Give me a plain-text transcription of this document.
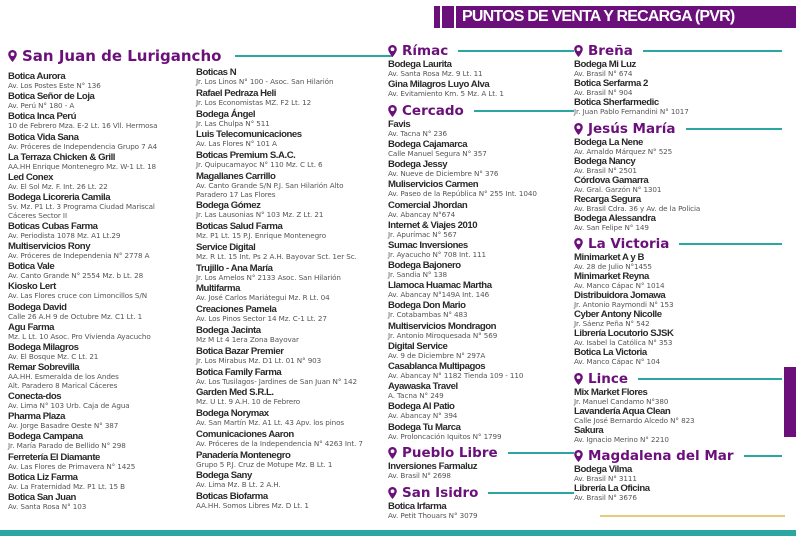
PUNTOS DE VENTA Y RECARGA (PVR)
San Juan de Lurigancho
Botica Aurora
Av. Los Postes Este N° 136
Botica Señor de Loja
Av. Perú N° 180 - A
Botica Inca Perú
10 de Febrero Mza. E-2 Lt. 16 Vll. Hermosa
Botica Vida Sana
Av. Próceres de Independencia Grupo 7 A4
La Terraza Chicken & Grill
AA.HH Enrique Montenegro Mz. W-1 Lt. 18
Led Conex
Av. El Sol Mz. F. Int. 26 Lt. 22
Bodega Licoreria Camila
Sv. Mz. P1 Lt. 3 Programa Ciudad Mariscal
Cáceres Sector II
Boticas Cubas Farma
Av. Periodista 1078 Mz. A1 Lt.29
Multiservicios Rony
Av. Próceres de Independenia N° 2778 A
Botica Vale
Av. Canto Grande N° 2554 Mz. b Lt. 28
Kiosko Lert
Av. Las Flores cruce con Limoncillos S/N
Bodega David
Calle 26 A.H 9 de Octubre Mz. C1 Lt. 1
Agu Farma
Mz. L Lt. 10 Asoc. Pro Vivienda Ayacucho
Bodega Milagros
Av. El Bosque Mz. C Lt. 21
Remar Sobrevilla
AA.HH. Esmeralda de los Andes
Alt. Paradero 8 Marical Cáceres
Conecta-dos
Av. Lima N° 103 Urb. Caja de Agua
Pharma Plaza
Av. Jorge Basadre Oeste N° 387
Bodega Campana
Jr. María Parado de Bellido N° 298
Ferretería El Diamante
Av. Las Flores de Primavera N° 1425
Botica Liz Farma
Av. La Fraternidad Mz. P1 Lt. 15 B
Botica San Juan
Av. Santa Rosa N° 103
Boticas N
Jr. Los Linos N° 100 - Asoc. San Hilarión
Rafael Pedraza Heli
Jr. Los Economistas MZ. F2 Lt. 12
Bodega Ángel
Jr. Las Chulpa N° 511
Luis Telecomunicaciones
Av. Las Flores N° 101 A
Boticas Premium S.A.C.
Jr. Quipucamayoc N° 110 Mz. C Lt. 6
Magallanes Carrillo
Av. Canto Grande S/N P.J. San Hilarión Alto
Paradero 17 Las Flores
Bodega Gómez
Jr. Las Lausonias N° 103 Mz. Z Lt. 21
Boticas Salud Farma
Mz. P1 Lt. 15 P.J. Enrique Montenegro
Service Digital
Mz. R Lt. 15 Int. Ps 2 A.H. Bayovar Sct. 1er Sc.
Trujillo - Ana María
Jr. Los Amelos N° 2133 Asoc. San Hilarión
Multifarma
Av. José Carlos Mariátegui Mz. R Lt. 04
Creaciones Pamela
Av. Los Pinos Sector 14 Mz. C-1 Lt. 27
Bodega Jacinta
Mz M Lt 4 1era Zona Bayovar
Botica Bazar Premier
Jr. Los Mirabus Mz. D1 Lt. 01 N° 903
Botica Family Farma
Av. Los Tusilagos- Jardines de San Juan N° 142
Garden Med S.R.L.
Mz. U Lt. 9 A.H. 10 de Febrero
Bodega Norymax
Av. San Martín Mz. A1 Lt. 43 Apv. los pinos
Comunicaciones Aaron
Av. Próceres de la Independencia N° 4263 Int. 7
Panadería Montenegro
Grupo 5 P.J. Cruz de Motupe Mz. B Lt. 1
Bodega Sany
Av. Lima Mz. B Lt. 2 A.H.
Boticas Biofarma
AA.HH. Somos Libres Mz. D Lt. 1
Rímac
Bodega Laurita
Av. Santa Rosa Mz. 9 Lt. 11
Gina Milagros Luyo Alva
Av. Evitamiento Km. 5 Mz. A Lt. 1
Cercado
Favis
Av. Tacna N° 236
Bodega Cajamarca
Calle Manuel Segura N° 357
Bodega Jessy
Av. Nueve de Diciembre N° 376
Muliservicios Carmen
Av. Paseo de la República N° 255 Int. 1040
Comercial Jhordan
Av. Abancay N°674
Internet & Viajes 2010
Jr. Apurímac N° 567
Sumac Inversiones
Jr. Ayacucho N° 708 Int. 111
Bodega Bajonero
Jr. Sandia N° 138
Llamoca Huamac Martha
Av. Abancay N°149A Int. 146
Bodega Don Mario
Jr. Cotabambas N° 483
Multiservicios Mondragon
Jr. Antonio Miroquesada N° 569
Digital Service
Av. 9 de Diciembre N° 297A
Casablanca Multipagos
Av. Abancay N° 1182 Tienda 109 - 110
Ayawaska Travel
A. Tacna N° 249
Bodega Al Patio
Av. Abancay N° 394
Bodega Tu Marca
Av. Proloncación Iquitos N° 1799
Pueblo Libre
Inversiones Farmaluz
Av. Brasil N° 2698
San Isidro
Botica Irfarma
Av. Petit Thouars N° 3079
Breña
Bodega Mi Luz
Av. Brasil N° 674
Botica Serfarma 2
Av. Brasil N° 904
Botica Sherfarmedic
Jr. Juan Pablo Fernandini N° 1017
Jesús María
Bodega La Nene
Av. Arnaldo Márquez N° 525
Bodega Nancy
Av. Brasil N° 2501
Córdova Gamarra
Av. Gral. Garzón N° 1301
Recarga Segura
Av. Brasil Cdra. 36 y Av. de la Policia
Bodega Alessandra
Av. San Felipe N° 149
La Victoria
Minimarket A y B
Av. 28 de Julio N°1455
Minimarket Reyna
Av. Manco Cápac N° 1014
Distribuidora Jomawa
Jr. Antonio Raymondi N° 153
Cyber Antony Nicolle
Jr. Sáenz Peña N° 542
Librería Locutorio SJSK
Av. Isabel la Católica N° 353
Botica La Victoria
Av. Manco Cápac N° 104
Lince
Mix Market Flores
Jr. Manuel Candamo N°380
Lavandería Aqua Clean
Calle José Bernardo Alcedo N° 823
Sakura
Av. Ignacio Merino N° 2210
Magdalena del Mar
Bodega Vilma
Av. Brasil N° 3111
Librería La Oficina
Av. Brasil N° 3676
